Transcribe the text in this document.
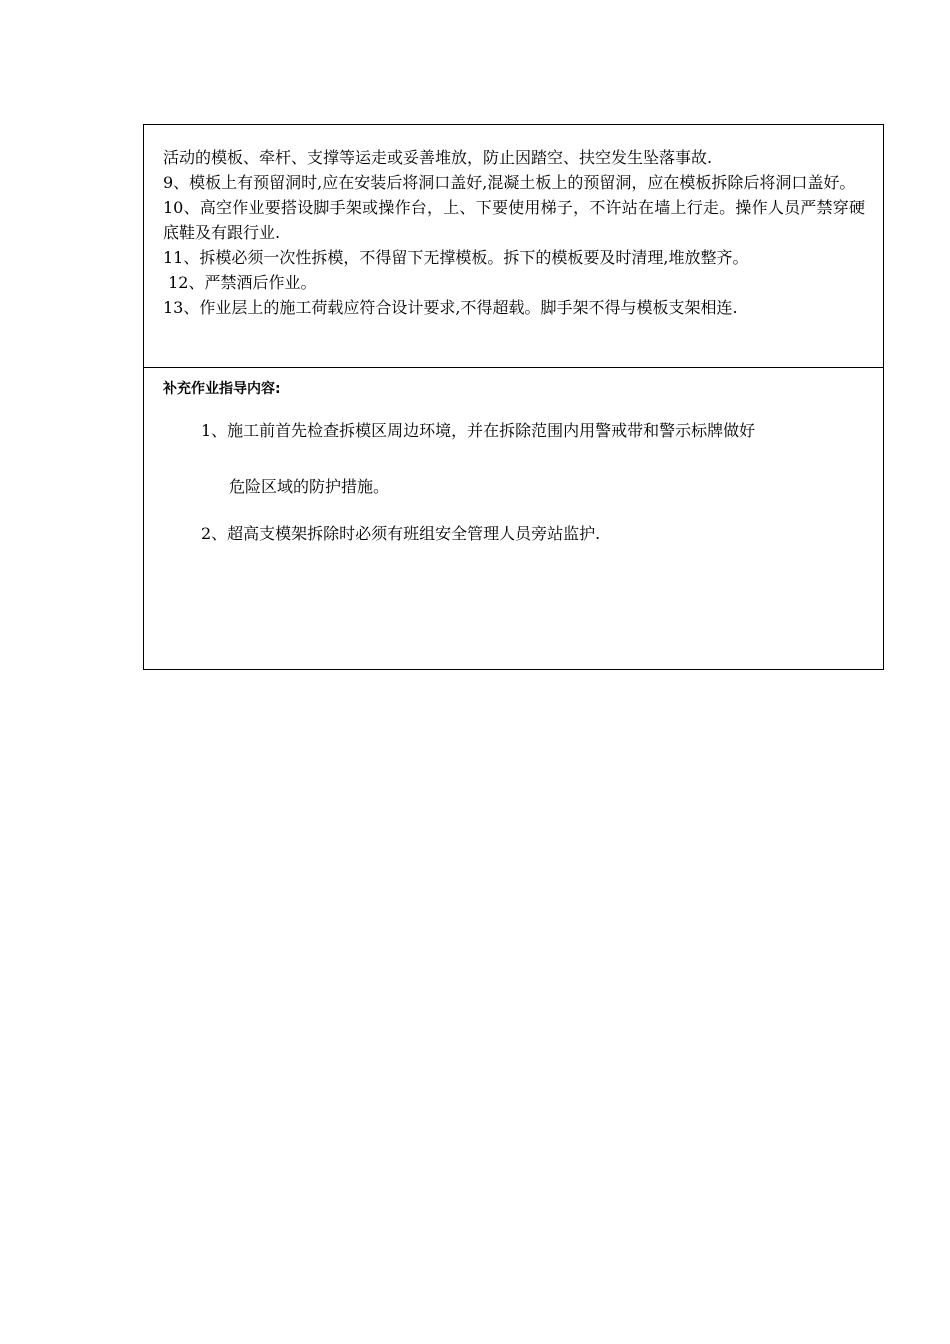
活动的模板、牵杆、支撑等运走或妥善堆放，防止因踏空、扶空发生坠落事故.

9、模板上有预留洞时,应在安装后将洞口盖好,混凝土板上的预留洞，应在模板拆除后将洞口盖好。

10、高空作业要搭设脚手架或操作台，上、下要使用梯子，不许站在墙上行走。操作人员严禁穿硬底鞋及有跟行业.

11、拆模必须一次性拆模，不得留下无撑模板。拆下的模板要及时清理,堆放整齐。

12、严禁酒后作业。

13、作业层上的施工荷载应符合设计要求,不得超载。脚手架不得与模板支架相连.

补充作业指导内容:

1、施工前首先检查拆模区周边环境，并在拆除范围内用警戒带和警示标牌做好
危险区域的防护措施。
2、超高支模架拆除时必须有班组安全管理人员旁站监护.
